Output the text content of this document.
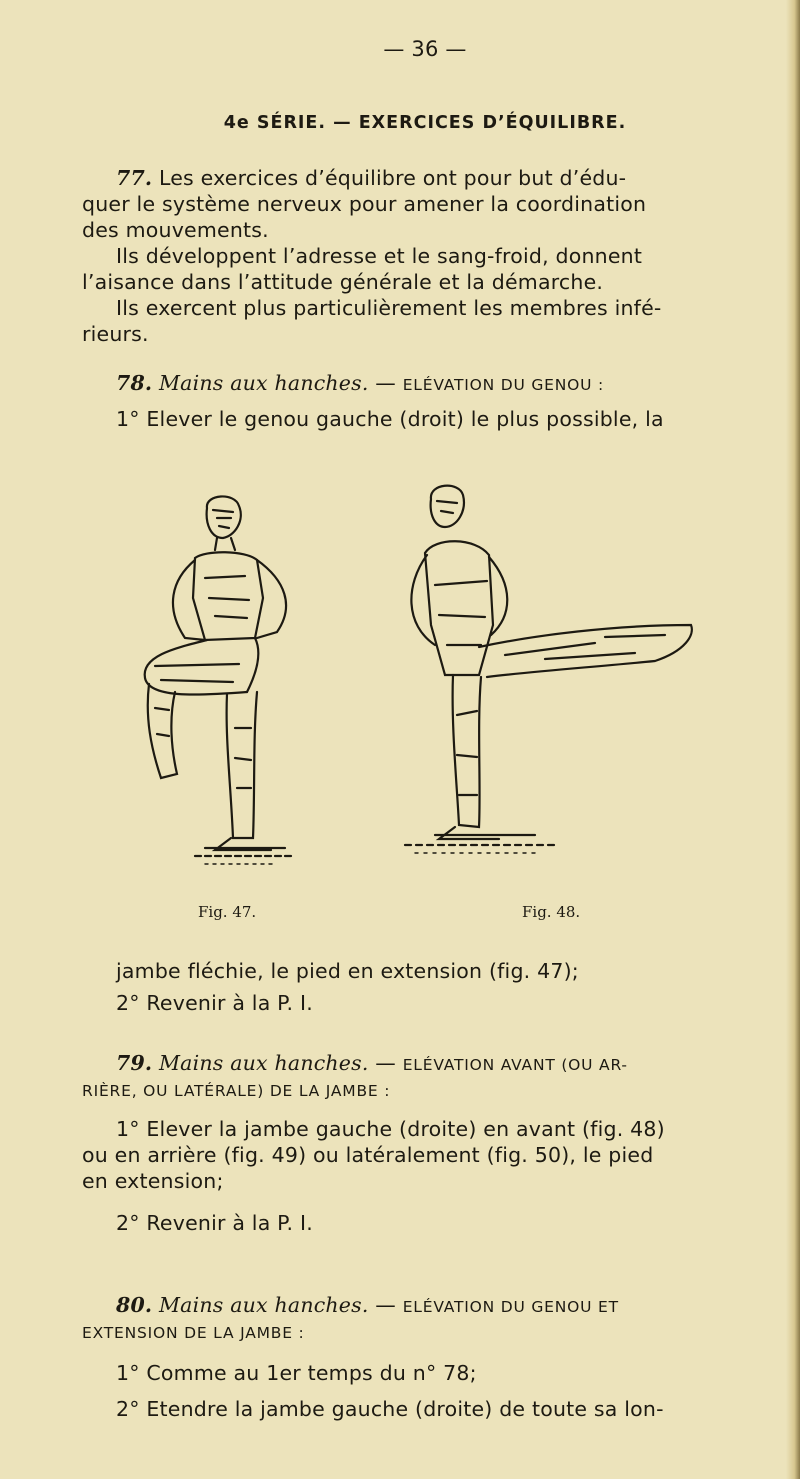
— 36 —
4e SÉRIE. — EXERCICES D’ÉQUILIBRE.
77. Les exercices d’équilibre ont pour but d’édu-
quer le système nerveux pour amener la coordination
des mouvements.
Ils développent l’adresse et le sang-froid, donnent
l’aisance dans l’attitude générale et la démarche.
Ils exercent plus particulièrement les membres infé-
rieurs.
78. Mains aux hanches. — ELÉVATION DU GENOU :
1° Elever le genou gauche (droit) le plus possible, la
Fig. 47.	Fig. 48.
jambe fléchie, le pied en extension (fig. 47);
2° Revenir à la P. I.
79. Mains aux hanches. — ELÉVATION AVANT (OU AR-
RIÈRE, OU LATÉRALE) DE LA JAMBE :
1° Elever la jambe gauche (droite) en avant (fig. 48)
ou en arrière (fig. 49) ou latéralement (fig. 50), le pied
en extension;
2° Revenir à la P. I.
80. Mains aux hanches. — ELÉVATION DU GENOU ET
EXTENSION DE LA JAMBE :
1° Comme au 1er temps du n° 78;
2° Etendre la jambe gauche (droite) de toute sa lon-
